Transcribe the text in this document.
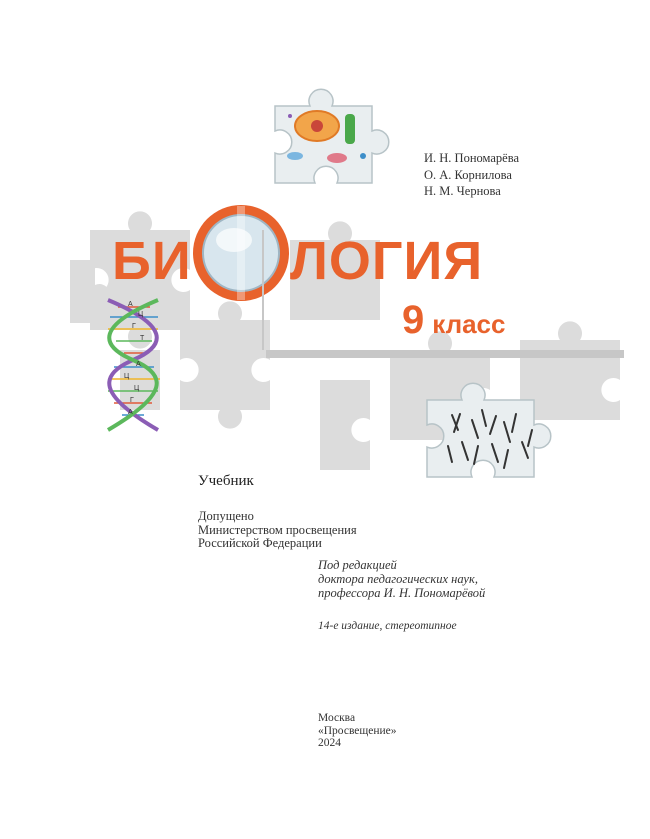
И. Н. Пономарёва
О. А. Корнилова
Н. М. Чернова
БИ ЛОГИЯ
9 класс
А
Ц
Г
Т
А
Ц
Ц
Г
А
Учебник
Допущено
Министерством просвещения
Российской Федерации
Под редакцией
доктора педагогических наук,
профессора И. Н. Пономарёвой
14-е издание, стереотипное
Москва
«Просвещение»
2024
